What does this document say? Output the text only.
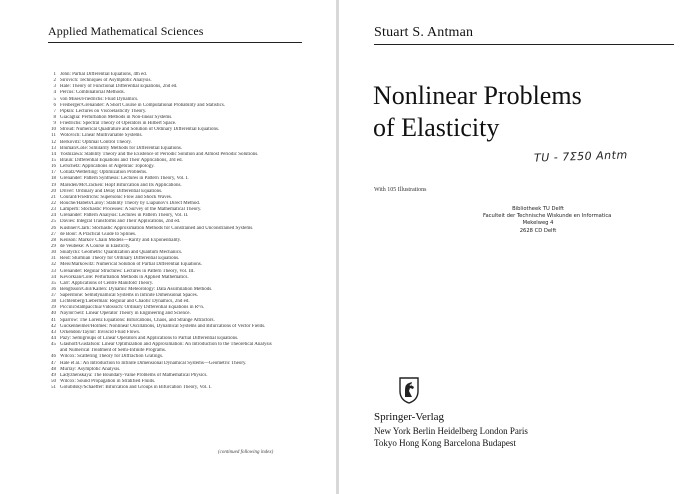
Applied Mathematical Sciences
1 John: Partial Differential Equations, 4th ed.
2 Sirovich: Techniques of Asymptotic Analysis.
3 Hale: Theory of Functional Differential Equations, 2nd ed.
4 Percus: Combinatorial Methods.
5 von Mises/Friedrichs: Fluid Dynamics.
6 Freiberger/Grenander: A Short Course in Computational Probability and Statistics.
7 Pipkin: Lectures on Viscoelasticity Theory.
8 Giacaglia: Perturbation Methods in Non-linear Systems.
9 Friedrichs: Spectral Theory of Operators in Hilbert Space.
10 Stroud: Numerical Quadrature and Solution of Ordinary Differential Equations.
11 Wolovich: Linear Multivariable Systems.
12 Berkovitz: Optimal Control Theory.
13 Bluman/Cole: Similarity Methods for Differential Equations.
14 Yoshizawa: Stability Theory and the Existence of Periodic Solution and Almost Periodic Solutions.
15 Braun: Differential Equations and Their Applications, 3rd ed.
16 Lefschetz: Applications of Algebraic Topology.
17 Collatz/Wetterling: Optimization Problems.
18 Grenander: Pattern Synthesis: Lectures in Pattern Theory, Vol. I.
19 Marsden/McCracken: Hopf Bifurcation and Its Applications.
20 Driver: Ordinary and Delay Differential Equations.
21 Courant/Friedrichs: Supersonic Flow and Shock Waves.
22 Rouche/Habets/Laloy: Stability Theory by Liapunov's Direct Method.
23 Lamperti: Stochastic Processes: A Survey of the Mathematical Theory.
24 Grenander: Pattern Analysis: Lectures in Pattern Theory, Vol. II.
25 Davies: Integral Transforms and Their Applications, 2nd ed.
26 Kushner/Clark: Stochastic Approximation Methods for Constrained and Unconstrained Systems.
27 de Boor: A Practical Guide to Splines.
28 Keilson: Markov Chain Models—Rarity and Exponentiality.
29 de Veubeke: A Course in Elasticity.
30 Sniatycki: Geometric Quantization and Quantum Mechanics.
31 Reid: Sturmian Theory for Ordinary Differential Equations.
32 Meis/Markowitz: Numerical Solution of Partial Differential Equations.
33 Grenander: Regular Structures: Lectures in Pattern Theory, Vol. III.
34 Kevorkian/Cole: Perturbation Methods in Applied Mathematics.
35 Carr: Applications of Centre Manifold Theory.
36 Bengtsson/Ghil/Källén: Dynamic Meteorology: Data Assimilation Methods.
37 Saperstone: Semidynamical Systems in Infinite Dimensional Spaces.
38 Lichtenberg/Lieberman: Regular and Chaotic Dynamics, 2nd ed.
39 Piccini/Stampacchia/Vidossich: Ordinary Differential Equations in R^n.
40 Naylor/Sell: Linear Operator Theory in Engineering and Science.
41 Sparrow: The Lorenz Equations: Bifurcations, Chaos, and Strange Attractors.
42 Guckenheimer/Holmes: Nonlinear Oscillations, Dynamical Systems and Bifurcations of Vector Fields.
43 Ockendon/Taylor: Inviscid Fluid Flows.
44 Pazy: Semigroups of Linear Operators and Applications to Partial Differential Equations.
45 Glashoff/Gustafson: Linear Optimization and Approximation: An Introduction to the Theoretical Analysis
and Numerical Treatment of Semi-Infinite Programs.
46 Wilcox: Scattering Theory for Diffraction Gratings.
47 Hale et al.: An Introduction to Infinite Dimensional Dynamical Systems—Geometric Theory.
48 Murray: Asymptotic Analysis.
49 Ladyzhenskaya: The Boundary-Value Problems of Mathematical Physics.
50 Wilcox: Sound Propagation in Stratified Fluids.
51 Golubitsky/Schaeffer: Bifurcation and Groups in Bifurcation Theory, Vol. I.
(continued following index)
Stuart S. Antman
Nonlinear Problems
of Elasticity
TU - 7Σ50 Antm
With 105 Illustrations
Bibliotheek TU Delft
Faculteit der Technische Wiskunde en Informatica
Mekelweg 4
2628 CD Delft
Springer-Verlag
New York Berlin Heidelberg London Paris
Tokyo Hong Kong Barcelona Budapest
